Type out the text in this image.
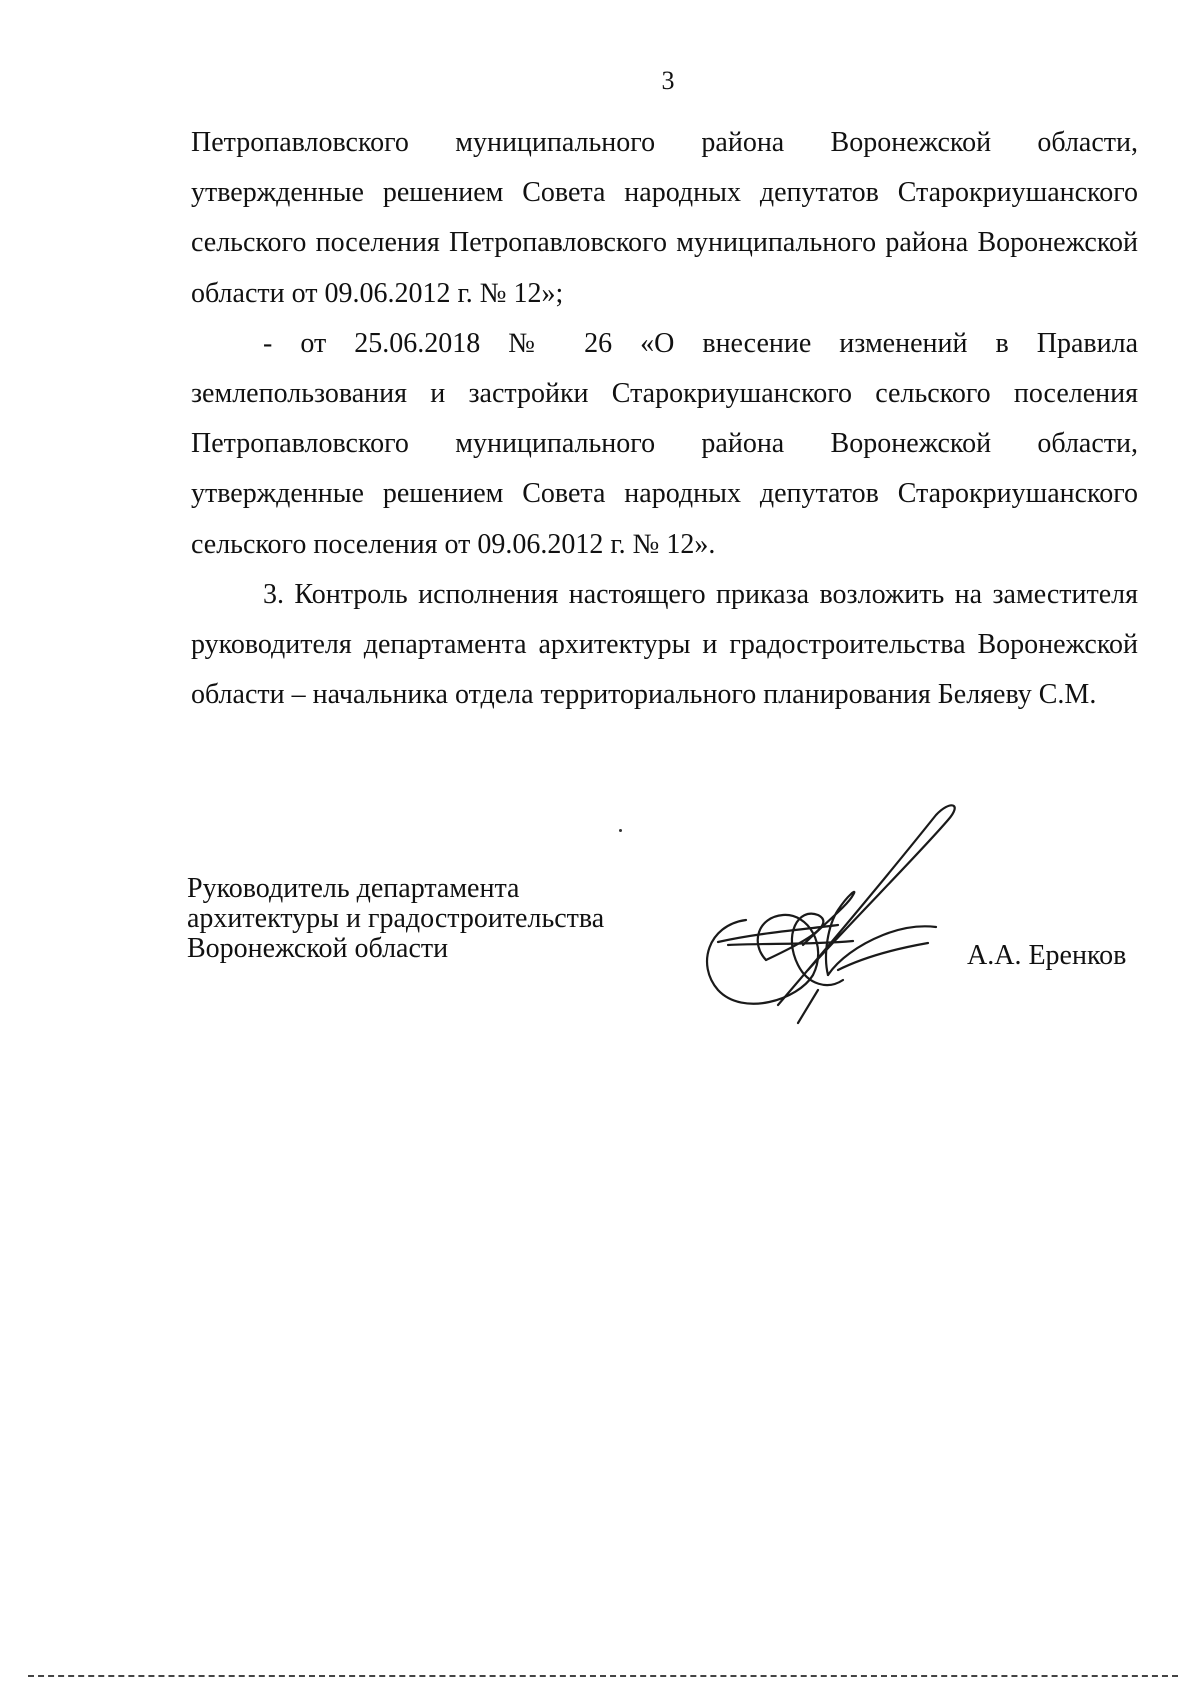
3

Петропавловского муниципального района Воронежской области, утвержденные решением Совета народных депутатов Старокриушанского сельского поселения Петропавловского муниципального района Воронежской области от 09.06.2012 г. № 12»;

- от 25.06.2018 № 26 «О внесение изменений в Правила землепользования и застройки Старокриушанского сельского поселения Петропавловского муниципального района Воронежской области, утвержденные решением Совета народных депутатов Старокриушанского сельского поселения от 09.06.2012 г. № 12».

3. Контроль исполнения настоящего приказа возложить на заместителя руководителя департамента архитектуры и градостроительства Воронежской области – начальника отдела территориального планирования Беляеву С.М.

Руководитель департамента
архитектуры и градостроительства
Воронежской области	А.А. Еренков
